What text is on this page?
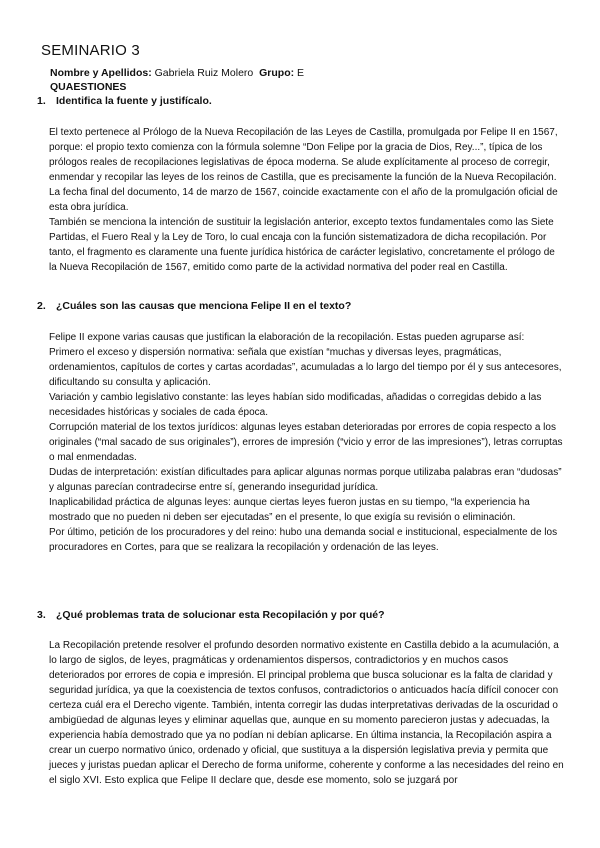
SEMINARIO 3
Nombre y Apellidos: Gabriela Ruiz Molero Grupo: E
QUAESTIONES
1. Identifica la fuente y justifícalo.

El texto pertenece al Prólogo de la Nueva Recopilación de las Leyes de Castilla, promulgada por Felipe II en 1567, porque: el propio texto comienza con la fórmula solemne “Don Felipe por la gracia de Dios, Rey...”, típica de los prólogos reales de recopilaciones legislativas de época moderna. Se alude explícitamente al proceso de corregir, enmendar y recopilar las leyes de los reinos de Castilla, que es precisamente la función de la Nueva Recopilación. La fecha final del documento, 14 de marzo de 1567, coincide exactamente con el año de la promulgación oficial de esta obra jurídica.

También se menciona la intención de sustituir la legislación anterior, excepto textos fundamentales como las Siete Partidas, el Fuero Real y la Ley de Toro, lo cual encaja con la función sistematizadora de dicha recopilación. Por tanto, el fragmento es claramente una fuente jurídica histórica de carácter legislativo, concretamente el prólogo de la Nueva Recopilación de 1567, emitido como parte de la actividad normativa del poder real en Castilla.

2. ¿Cuáles son las causas que menciona Felipe II en el texto?

Felipe II expone varias causas que justifican la elaboración de la recopilación. Estas pueden agruparse así:

Primero el exceso y dispersión normativa: señala que existían “muchas y diversas leyes, pragmáticas, ordenamientos, capítulos de cortes y cartas acordadas”, acumuladas a lo largo del tiempo por él y sus antecesores, dificultando su consulta y aplicación.

Variación y cambio legislativo constante: las leyes habían sido modificadas, añadidas o corregidas debido a las necesidades históricas y sociales de cada época.

Corrupción material de los textos jurídicos: algunas leyes estaban deterioradas por errores de copia respecto a los originales (“mal sacado de sus originales”), errores de impresión (“vicio y error de las impresiones”), letras corruptas o mal enmendadas.

Dudas de interpretación: existían dificultades para aplicar algunas normas porque utilizaba palabras eran “dudosas” y algunas parecían contradecirse entre sí, generando inseguridad jurídica.

Inaplicabilidad práctica de algunas leyes: aunque ciertas leyes fueron justas en su tiempo, “la experiencia ha mostrado que no pueden ni deben ser ejecutadas” en el presente, lo que exigía su revisión o eliminación.

Por último, petición de los procuradores y del reino: hubo una demanda social e institucional, especialmente de los procuradores en Cortes, para que se realizara la recopilación y ordenación de las leyes.

3. ¿Qué problemas trata de solucionar esta Recopilación y por qué?

La Recopilación pretende resolver el profundo desorden normativo existente en Castilla debido a la acumulación, a lo largo de siglos, de leyes, pragmáticas y ordenamientos dispersos, contradictorios y en muchos casos deteriorados por errores de copia e impresión. El principal problema que busca solucionar es la falta de claridad y seguridad jurídica, ya que la coexistencia de textos confusos, contradictorios o anticuados hacía difícil conocer con certeza cuál era el Derecho vigente. También, intenta corregir las dudas interpretativas derivadas de la oscuridad o ambigüedad de algunas leyes y eliminar aquellas que, aunque en su momento parecieron justas y adecuadas, la experiencia había demostrado que ya no podían ni debían aplicarse. En última instancia, la Recopilación aspira a crear un cuerpo normativo único, ordenado y oficial, que sustituya a la dispersión legislativa previa y permita que jueces y juristas puedan aplicar el Derecho de forma uniforme, coherente y conforme a las necesidades del reino en el siglo XVI. Esto explica que Felipe II declare que, desde ese momento, solo se juzgará por
